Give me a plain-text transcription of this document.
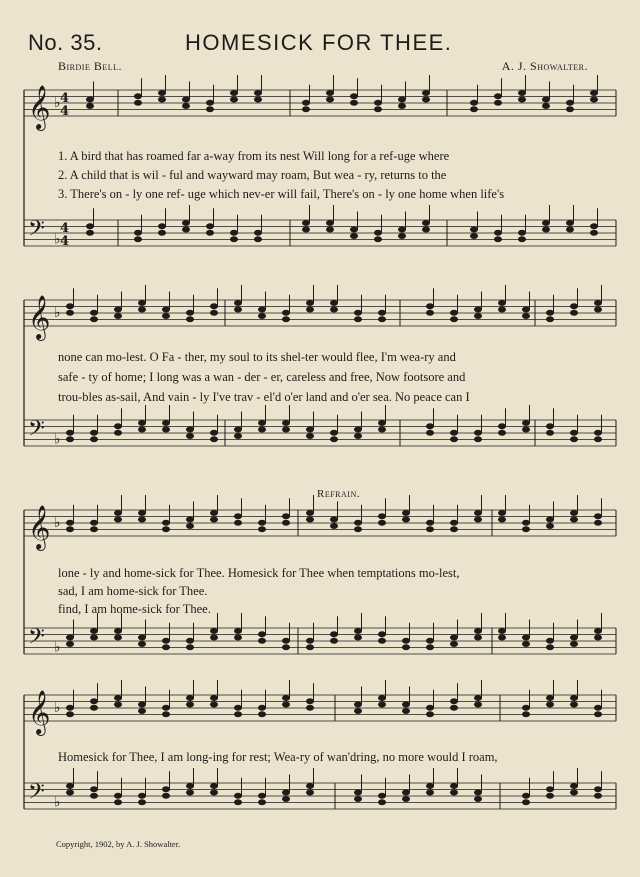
No. 35.	HOMESICK FOR THEE.
Birdie Bell.	A. J. Showalter.
𝄞 ♭
𝄢 ♭
𝄞 ♭
𝄢 ♭
𝄞 ♭
𝄢 ♭
𝄞 ♭
𝄢 ♭
4
4
4
4
1. A bird that has roamed far a-way from its nest Will long for a ref-uge where
2. A child that is wil - ful and wayward may roam, But wea - ry, returns to the
3. There's on - ly one ref- uge which nev-er will fail, There's on - ly one home when life's
none can mo-lest. O Fa - ther, my soul to its shel-ter would flee, I'm wea-ry and
safe - ty of home; I long was a wan - der - er, careless and free, Now footsore and
trou-bles as-sail, And vain - ly I've trav - el'd o'er land and o'er sea. No peace can I
Refrain.
lone - ly and home-sick for Thee. Homesick for Thee when temptations mo-lest,
sad, I am home-sick for Thee.
find, I am home-sick for Thee.
Homesick for Thee, I am long-ing for rest; Wea-ry of wan'dring, no more would I roam,
Copyright, 1902, by A. J. Showalter.
